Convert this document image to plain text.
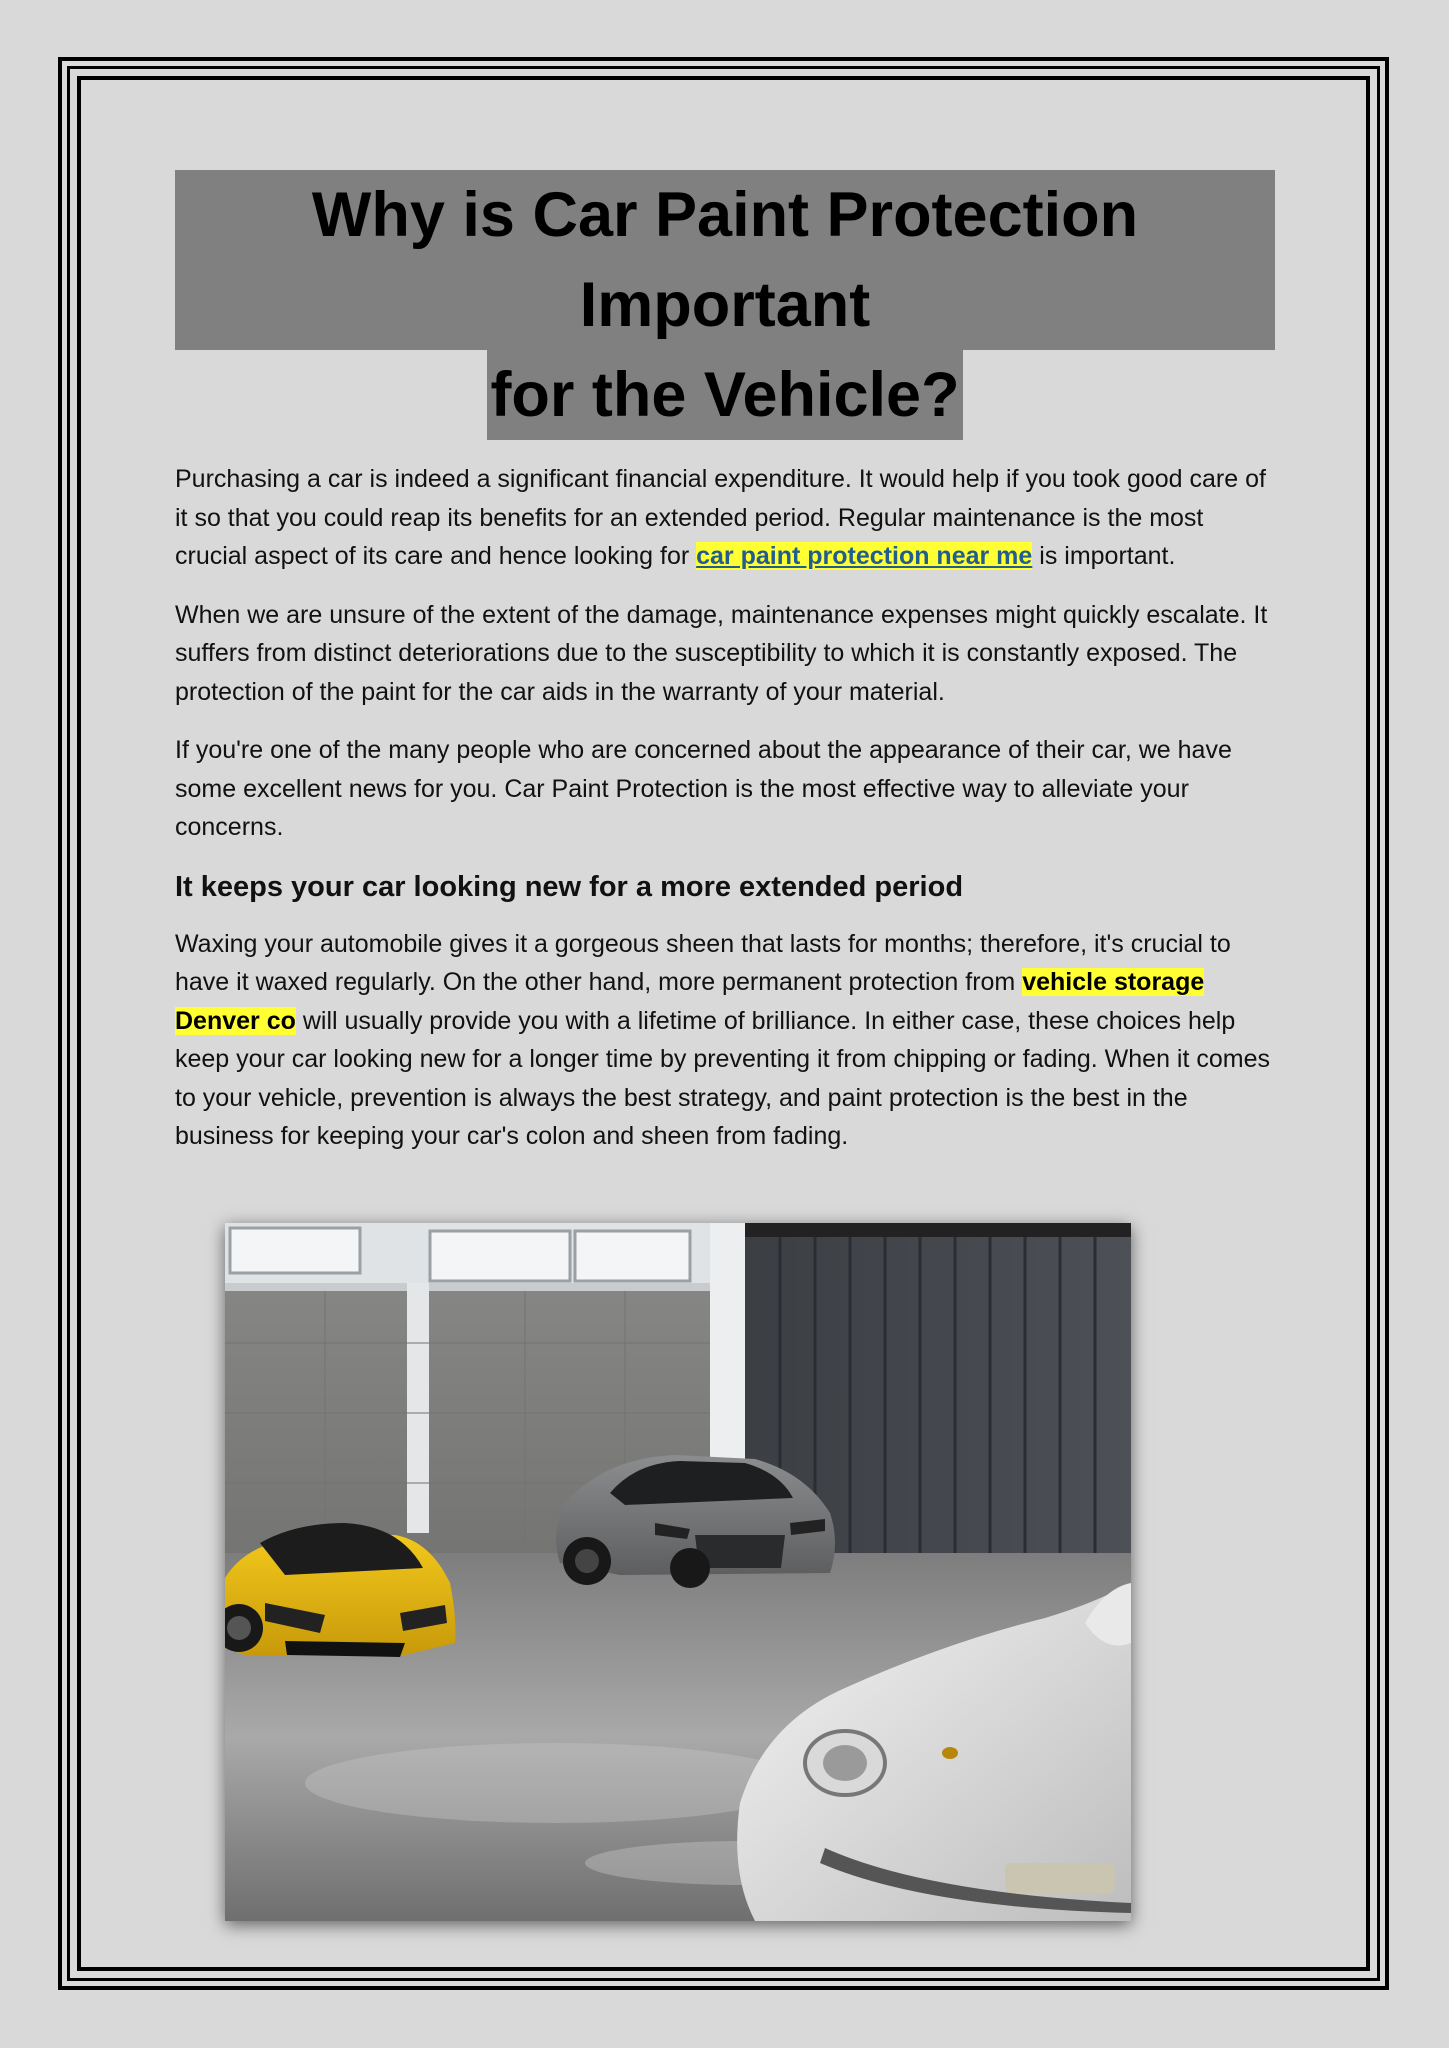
Why is Car Paint Protection Important
for the Vehicle?

Purchasing a car is indeed a significant financial expenditure. It would help if you took good care of it so that you could reap its benefits for an extended period. Regular maintenance is the most crucial aspect of its care and hence looking for car paint protection near me is important.

When we are unsure of the extent of the damage, maintenance expenses might quickly escalate. It suffers from distinct deteriorations due to the susceptibility to which it is constantly exposed. The protection of the paint for the car aids in the warranty of your material.

If you're one of the many people who are concerned about the appearance of their car, we have some excellent news for you. Car Paint Protection is the most effective way to alleviate your concerns.

It keeps your car looking new for a more extended period

Waxing your automobile gives it a gorgeous sheen that lasts for months; therefore, it's crucial to have it waxed regularly. On the other hand, more permanent protection from vehicle storage Denver co will usually provide you with a lifetime of brilliance. In either case, these choices help keep your car looking new for a longer time by preventing it from chipping or fading. When it comes to your vehicle, prevention is always the best strategy, and paint protection is the best in the business for keeping your car's colon and sheen from fading.
